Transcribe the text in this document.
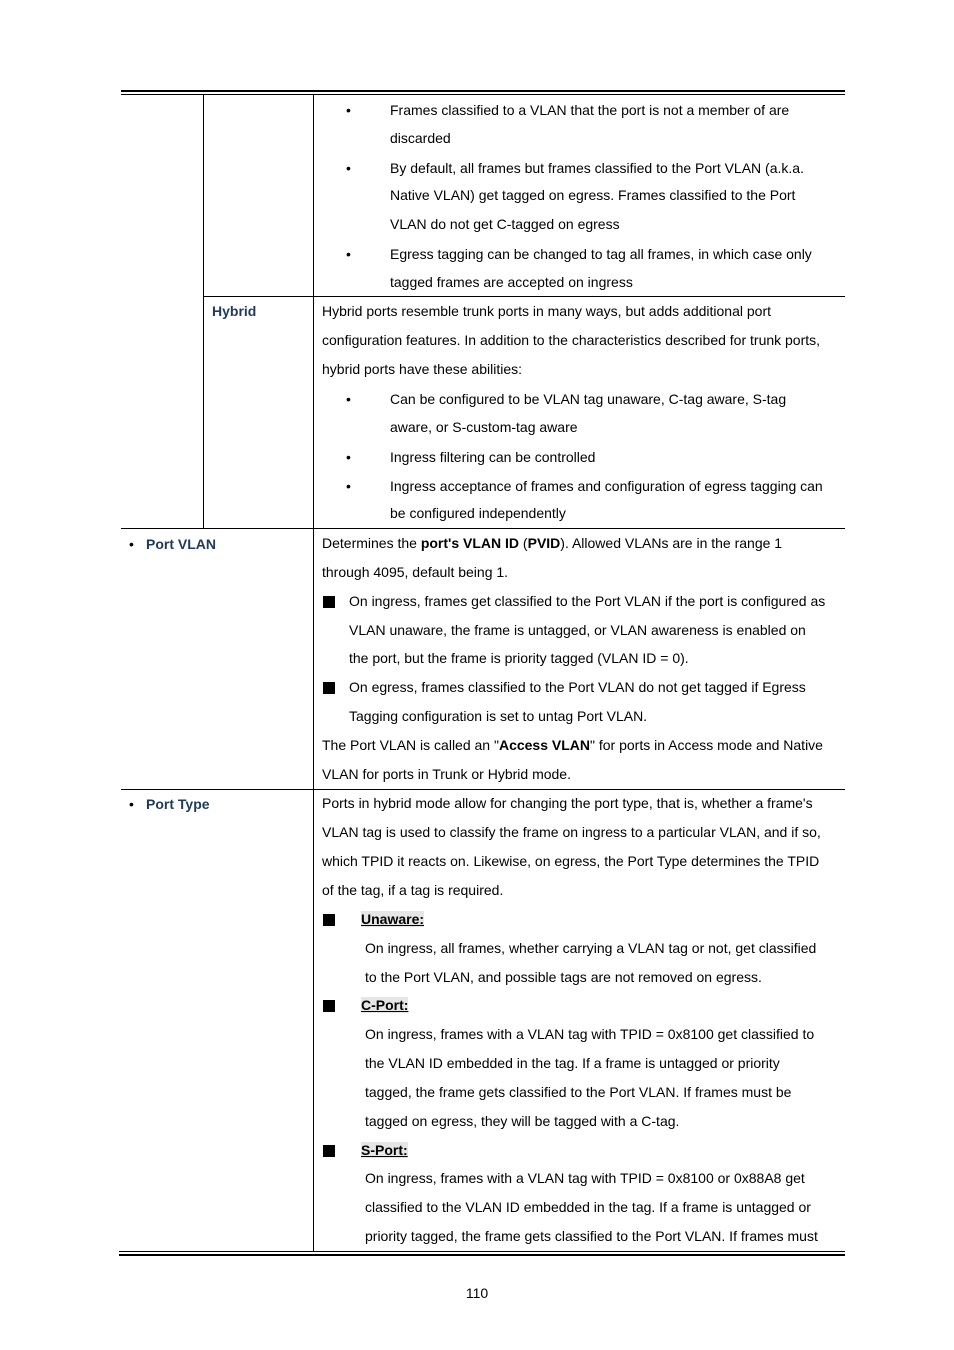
•	Frames classified to a VLAN that the port is not a member of are
discarded
•	By default, all frames but frames classified to the Port VLAN (a.k.a.
Native VLAN) get tagged on egress. Frames classified to the Port
VLAN do not get C-tagged on egress
•	Egress tagging can be changed to tag all frames, in which case only
tagged frames are accepted on ingress
Hybrid	Hybrid ports resemble trunk ports in many ways, but adds additional port
configuration features. In addition to the characteristics described for trunk ports,
hybrid ports have these abilities:
•	Can be configured to be VLAN tag unaware, C-tag aware, S-tag
aware, or S-custom-tag aware
•	Ingress filtering can be controlled
•	Ingress acceptance of frames and configuration of egress tagging can
be configured independently
• Port VLAN	Determines the port's VLAN ID (PVID). Allowed VLANs are in the range 1
through 4095, default being 1.
On ingress, frames get classified to the Port VLAN if the port is configured as
VLAN unaware, the frame is untagged, or VLAN awareness is enabled on
the port, but the frame is priority tagged (VLAN ID = 0).
On egress, frames classified to the Port VLAN do not get tagged if Egress
Tagging configuration is set to untag Port VLAN.
The Port VLAN is called an "Access VLAN" for ports in Access mode and Native
VLAN for ports in Trunk or Hybrid mode.
• Port Type	Ports in hybrid mode allow for changing the port type, that is, whether a frame's
VLAN tag is used to classify the frame on ingress to a particular VLAN, and if so,
which TPID it reacts on. Likewise, on egress, the Port Type determines the TPID
of the tag, if a tag is required.
Unaware:
On ingress, all frames, whether carrying a VLAN tag or not, get classified
to the Port VLAN, and possible tags are not removed on egress.
C-Port:
On ingress, frames with a VLAN tag with TPID = 0x8100 get classified to
the VLAN ID embedded in the tag. If a frame is untagged or priority
tagged, the frame gets classified to the Port VLAN. If frames must be
tagged on egress, they will be tagged with a C-tag.
S-Port:
On ingress, frames with a VLAN tag with TPID = 0x8100 or 0x88A8 get
classified to the VLAN ID embedded in the tag. If a frame is untagged or
priority tagged, the frame gets classified to the Port VLAN. If frames must
110
